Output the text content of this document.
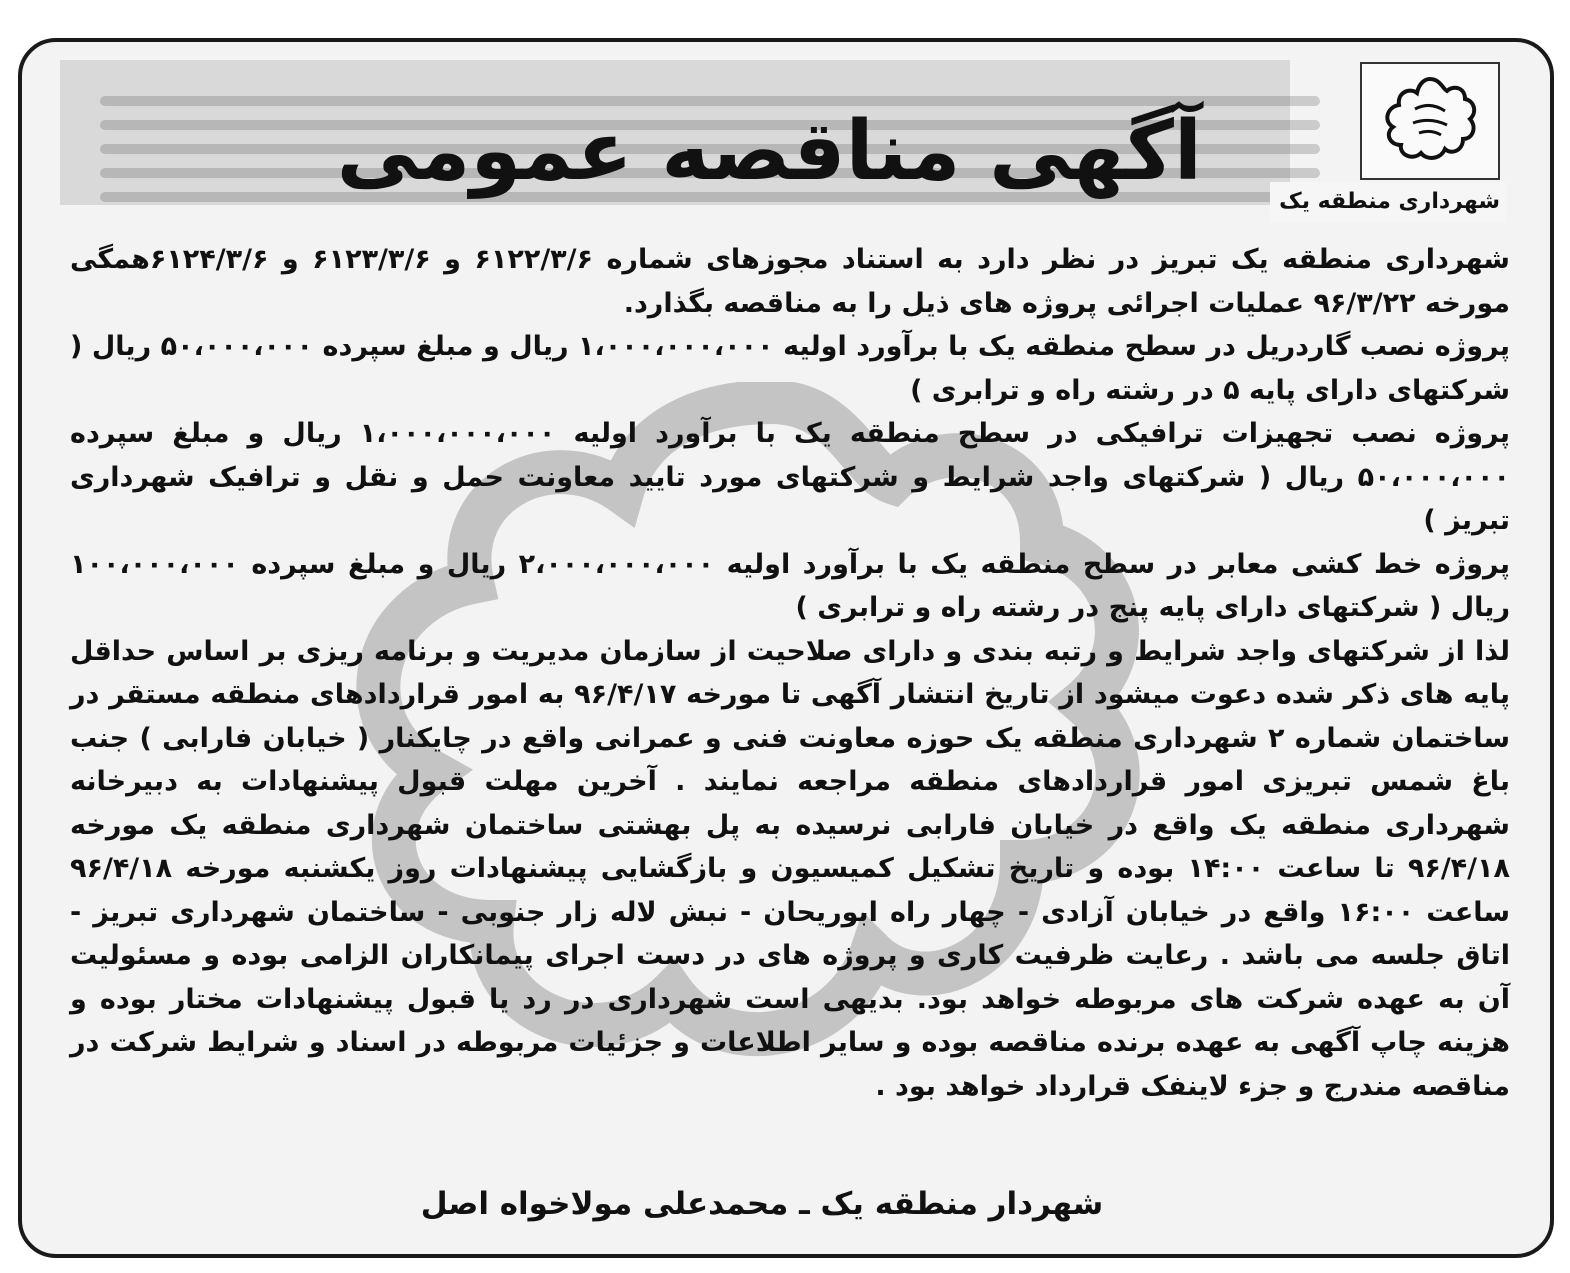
آگهی مناقصه عمومی
شهرداری منطقه یک

شهرداری منطقه یک تبریز در نظر دارد به استناد مجوزهای شماره ۶۱۲۲/۳/۶ و ۶۱۲۳/۳/۶ و ۶۱۲۴/۳/۶همگی مورخه ۹۶/۳/۲۲ عملیات اجرائی پروژه های ذیل را به مناقصه بگذارد.

پروژه نصب گاردریل در سطح منطقه یک با برآورد اولیه ۱،۰۰۰،۰۰۰،۰۰۰ ریال و مبلغ سپرده ۵۰،۰۰۰،۰۰۰ ریال ( شرکتهای دارای پایه ۵ در رشته راه و ترابری )

پروژه نصب تجهیزات ترافیکی در سطح منطقه یک با برآورد اولیه ۱،۰۰۰،۰۰۰،۰۰۰ ریال و مبلغ سپرده ۵۰،۰۰۰،۰۰۰ ریال ( شرکتهای واجد شرایط و شرکتهای مورد تایید معاونت حمل و نقل و ترافیک شهرداری تبریز )

پروژه خط کشی معابر در سطح منطقه یک با برآورد اولیه ۲،۰۰۰،۰۰۰،۰۰۰ ریال و مبلغ سپرده ۱۰۰،۰۰۰،۰۰۰ ریال ( شرکتهای دارای پایه پنج در رشته راه و ترابری )

لذا از شرکتهای واجد شرایط و رتبه بندی و دارای صلاحیت از سازمان مدیریت و برنامه ریزی بر اساس حداقل پایه های ذکر شده دعوت میشود از تاریخ انتشار آگهی تا مورخه ۹۶/۴/۱۷ به امور قراردادهای منطقه مستقر در ساختمان شماره ۲ شهرداری منطقه یک حوزه معاونت فنی و عمرانی واقع در چایکنار ( خیابان فارابی ) جنب باغ شمس تبریزی امور قراردادهای منطقه مراجعه نمایند . آخرین مهلت قبول پیشنهادات به دبیرخانه شهرداری منطقه یک واقع در خیابان فارابی نرسیده به پل بهشتی ساختمان شهرداری منطقه یک مورخه ۹۶/۴/۱۸ تا ساعت ۱۴:۰۰ بوده و تاریخ تشکیل کمیسیون و بازگشایی پیشنهادات روز یکشنبه مورخه ۹۶/۴/۱۸ ساعت ۱۶:۰۰ واقع در خیابان آزادی - چهار راه ابوریحان - نبش لاله زار جنوبی - ساختمان شهرداری تبریز - اتاق جلسه می باشد . رعایت ظرفیت کاری و پروژه های در دست اجرای پیمانکاران الزامی بوده و مسئولیت آن به عهده شرکت های مربوطه خواهد بود. بدیهی است شهرداری در رد یا قبول پیشنهادات مختار بوده و هزینه چاپ آگهی به عهده برنده مناقصه بوده و سایر اطلاعات و جزئیات مربوطه در اسناد و شرایط شرکت در مناقصه مندرج و جزء لاینفک قرارداد خواهد بود .

شهردار منطقه یک ـ محمدعلی مولاخواه اصل
